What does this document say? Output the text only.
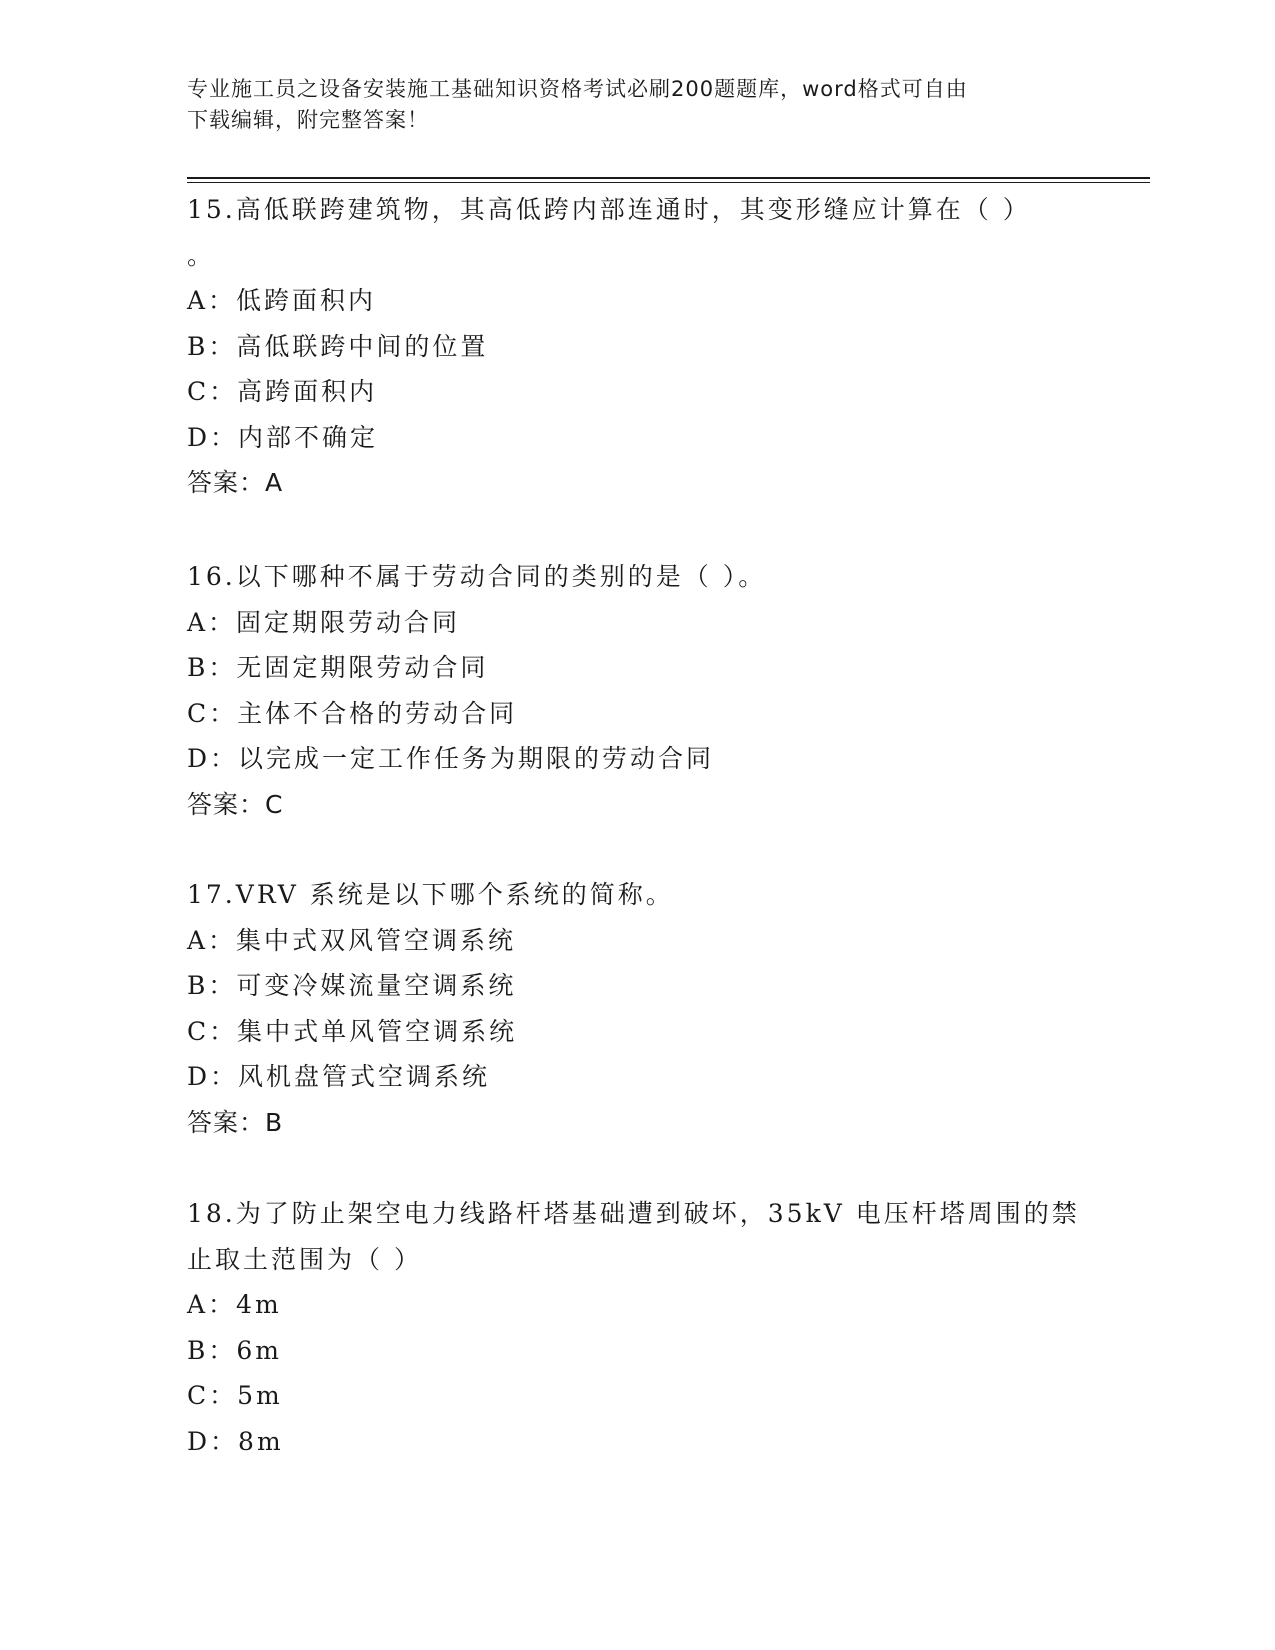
专业施工员之设备安装施工基础知识资格考试必刷200题题库，word格式可自由
下载编辑，附完整答案！
15.高低联跨建筑物，其高低跨内部连通时，其变形缝应计算在（ ）
。
A：低跨面积内
B：高低联跨中间的位置
C：高跨面积内
D：内部不确定
答案：A
16.以下哪种不属于劳动合同的类别的是（ ）。
A：固定期限劳动合同
B：无固定期限劳动合同
C：主体不合格的劳动合同
D：以完成一定工作任务为期限的劳动合同
答案：C
17.VRV 系统是以下哪个系统的简称。
A：集中式双风管空调系统
B：可变冷媒流量空调系统
C：集中式单风管空调系统
D：风机盘管式空调系统
答案：B
18.为了防止架空电力线路杆塔基础遭到破坏，35kV 电压杆塔周围的禁
止取土范围为（ ）
A：4m
B：6m
C：5m
D：8m
